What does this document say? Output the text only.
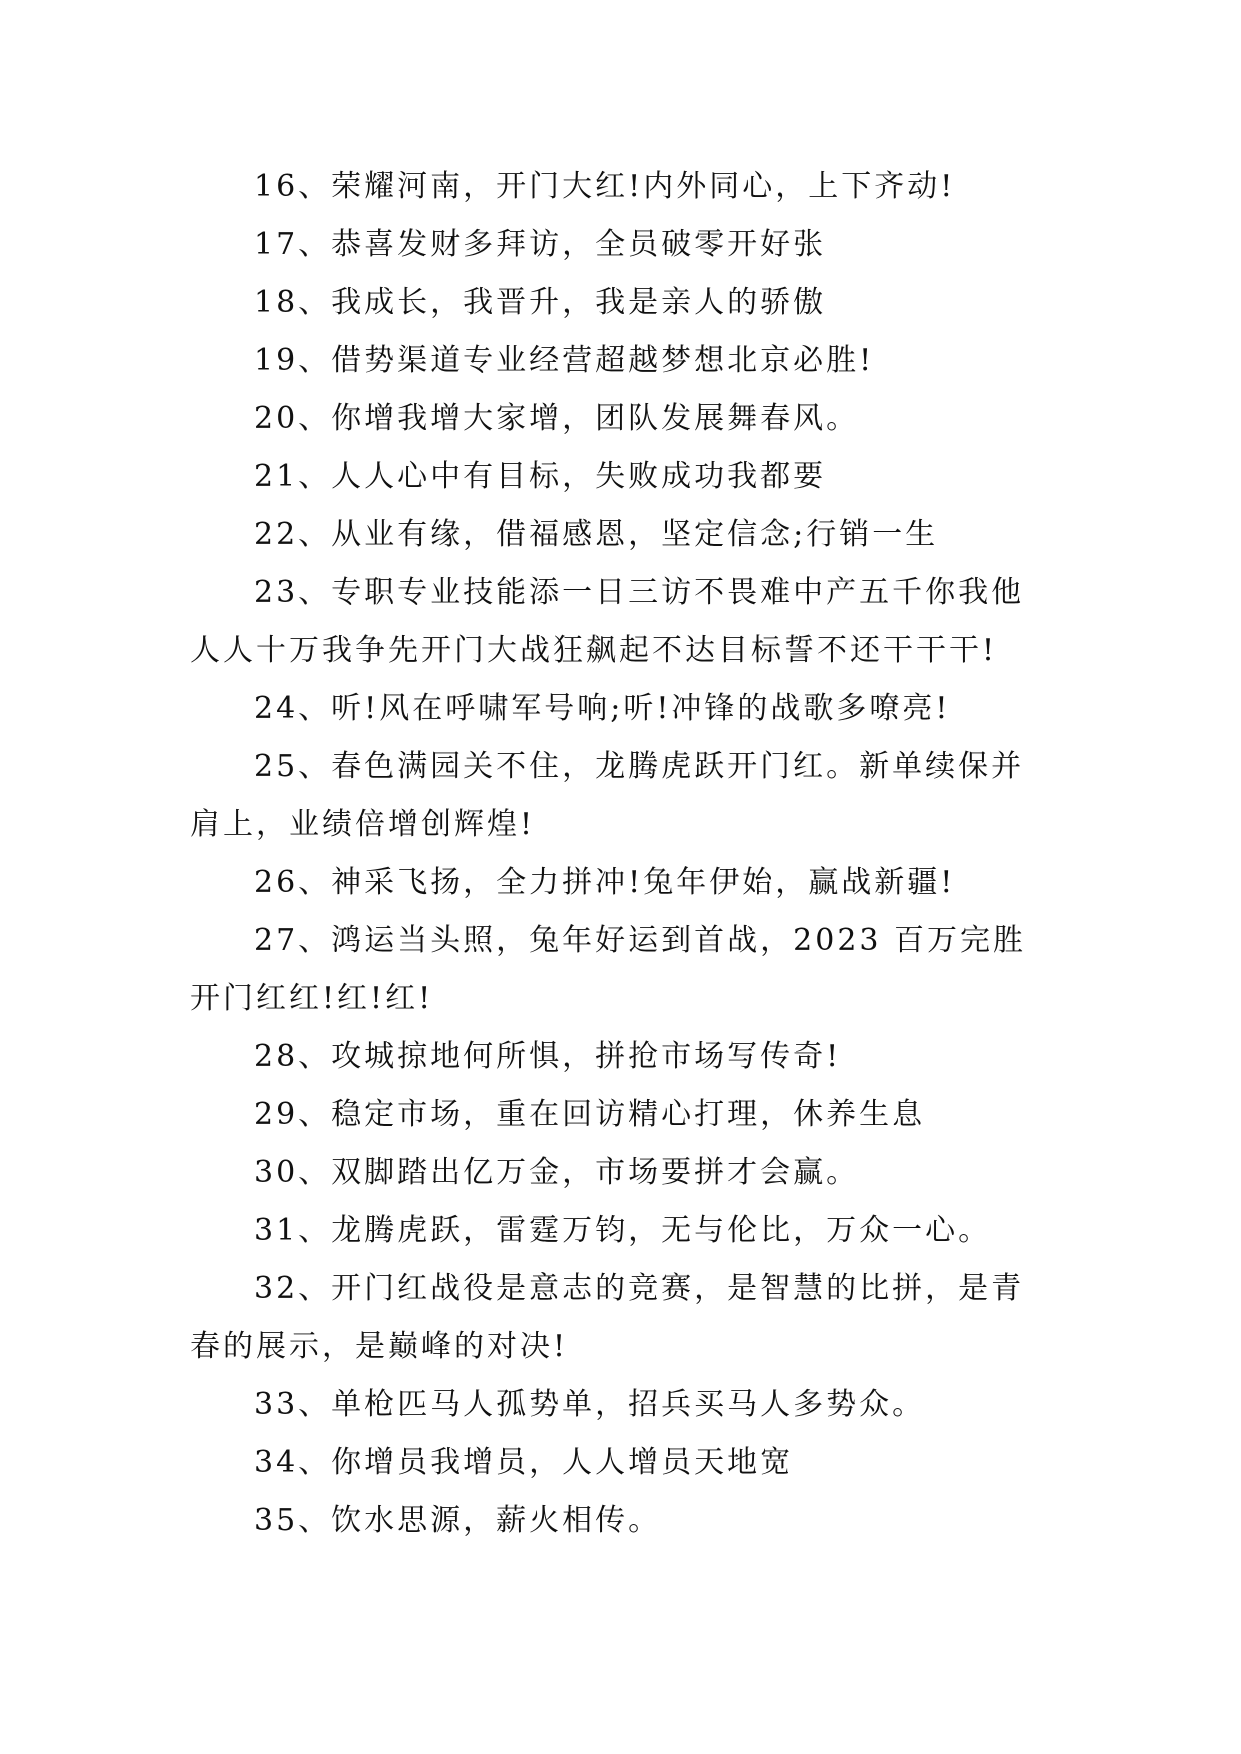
16、荣耀河南，开门大红!内外同心，上下齐动!

17、恭喜发财多拜访，全员破零开好张

18、我成长，我晋升，我是亲人的骄傲

19、借势渠道专业经营超越梦想北京必胜!

20、你增我增大家增，团队发展舞春风。

21、人人心中有目标，失败成功我都要

22、从业有缘，借福感恩，坚定信念;行销一生

23、专职专业技能添一日三访不畏难中产五千你我他人人十万我争先开门大战狂飙起不达目标誓不还干干干!

24、听!风在呼啸军号响;听!冲锋的战歌多嘹亮!

25、春色满园关不住，龙腾虎跃开门红。新单续保并肩上，业绩倍增创辉煌!

26、神采飞扬，全力拼冲!兔年伊始，赢战新疆!

27、鸿运当头照，兔年好运到首战，2023 百万完胜开门红红!红!红!

28、攻城掠地何所惧，拼抢市场写传奇!

29、稳定市场，重在回访精心打理，休养生息

30、双脚踏出亿万金，市场要拼才会赢。

31、龙腾虎跃，雷霆万钧，无与伦比，万众一心。

32、开门红战役是意志的竞赛，是智慧的比拼，是青春的展示，是巅峰的对决!

33、单枪匹马人孤势单，招兵买马人多势众。

34、你增员我增员，人人增员天地宽

35、饮水思源，薪火相传。
